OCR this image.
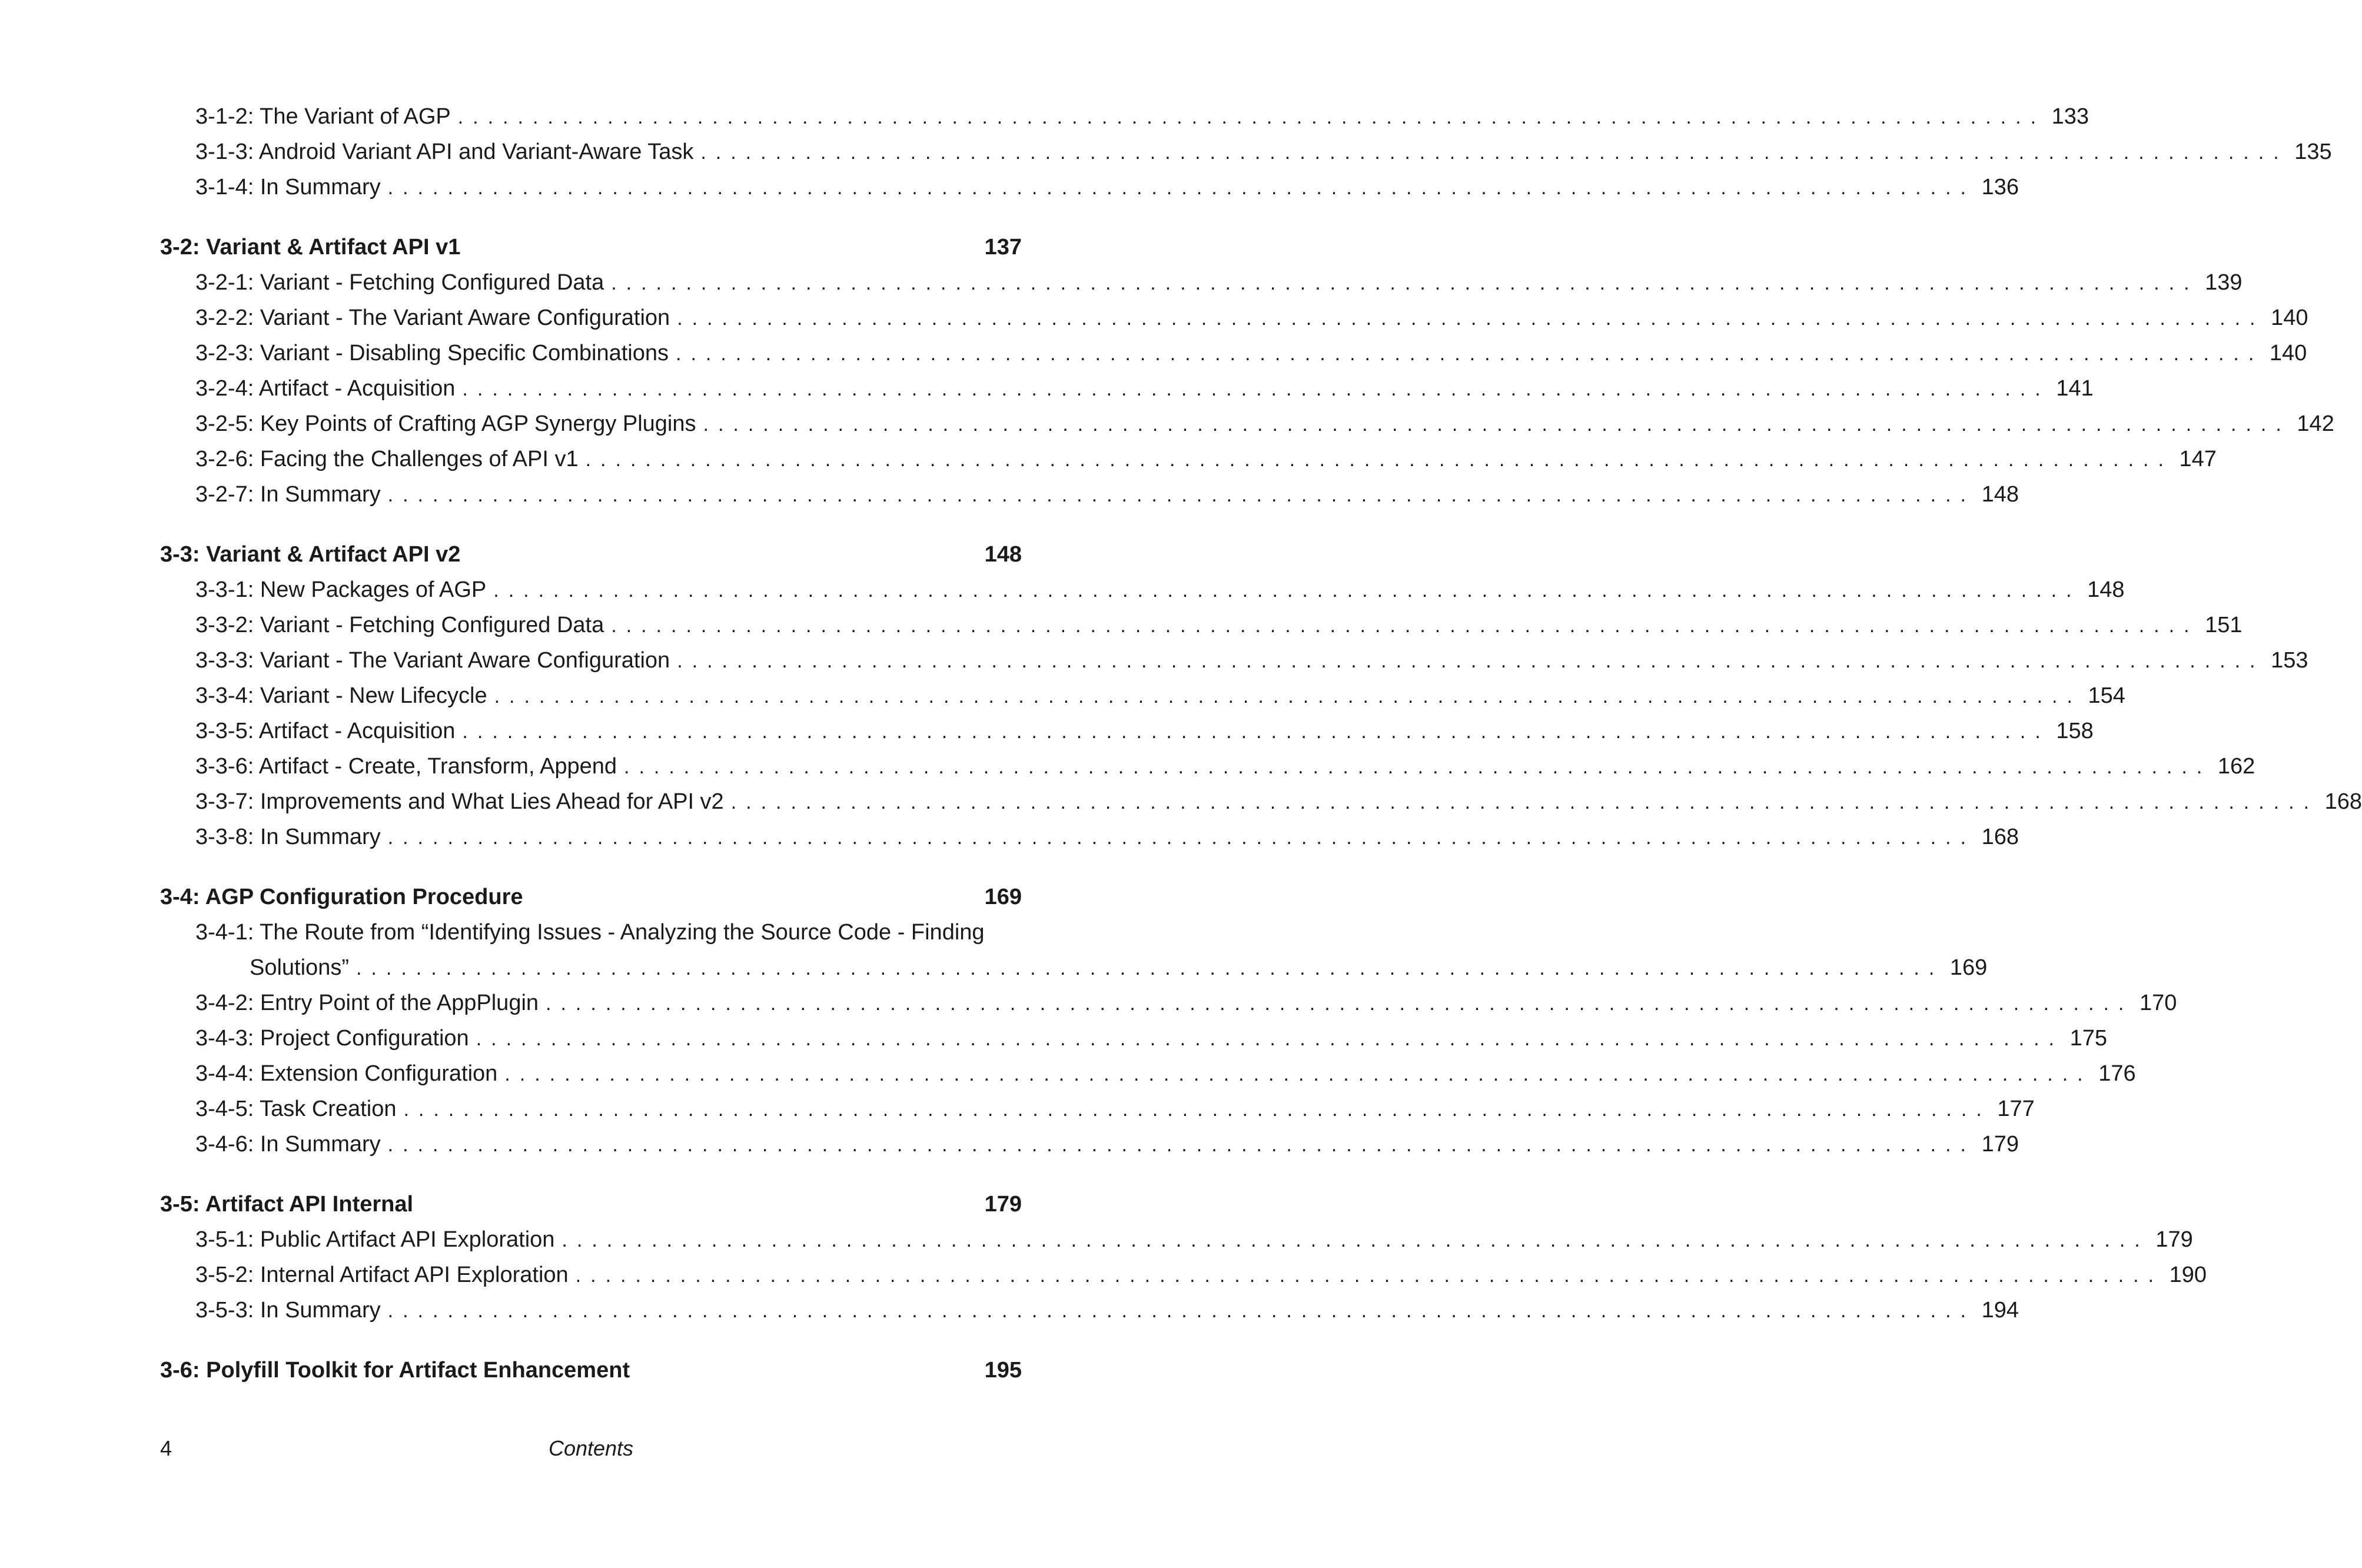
3-1-2: The Variant of AGP .......................................................................................................... 133
3-1-3: Android Variant API and Variant-Aware Task .......................................................................................................... 135
3-1-4: In Summary .......................................................................................................... 136
3-2: Variant & Artifact API v1	137
3-2-1: Variant - Fetching Configured Data .......................................................................................................... 139
3-2-2: Variant - The Variant Aware Configuration .......................................................................................................... 140
3-2-3: Variant - Disabling Specific Combinations .......................................................................................................... 140
3-2-4: Artifact - Acquisition .......................................................................................................... 141
3-2-5: Key Points of Crafting AGP Synergy Plugins .......................................................................................................... 142
3-2-6: Facing the Challenges of API v1 .......................................................................................................... 147
3-2-7: In Summary .......................................................................................................... 148
3-3: Variant & Artifact API v2	148
3-3-1: New Packages of AGP .......................................................................................................... 148
3-3-2: Variant - Fetching Configured Data .......................................................................................................... 151
3-3-3: Variant - The Variant Aware Configuration .......................................................................................................... 153
3-3-4: Variant - New Lifecycle .......................................................................................................... 154
3-3-5: Artifact - Acquisition .......................................................................................................... 158
3-3-6: Artifact - Create, Transform, Append .......................................................................................................... 162
3-3-7: Improvements and What Lies Ahead for API v2 .......................................................................................................... 168
3-3-8: In Summary .......................................................................................................... 168
3-4: AGP Configuration Procedure	169
3-4-1: The Route from “Identifying Issues - Analyzing the Source Code - Finding
Solutions” .......................................................................................................... 169
3-4-2: Entry Point of the AppPlugin .......................................................................................................... 170
3-4-3: Project Configuration .......................................................................................................... 175
3-4-4: Extension Configuration .......................................................................................................... 176
3-4-5: Task Creation .......................................................................................................... 177
3-4-6: In Summary .......................................................................................................... 179
3-5: Artifact API Internal	179
3-5-1: Public Artifact API Exploration .......................................................................................................... 179
3-5-2: Internal Artifact API Exploration .......................................................................................................... 190
3-5-3: In Summary .......................................................................................................... 194
3-6: Polyfill Toolkit for Artifact Enhancement	195
4	Contents
